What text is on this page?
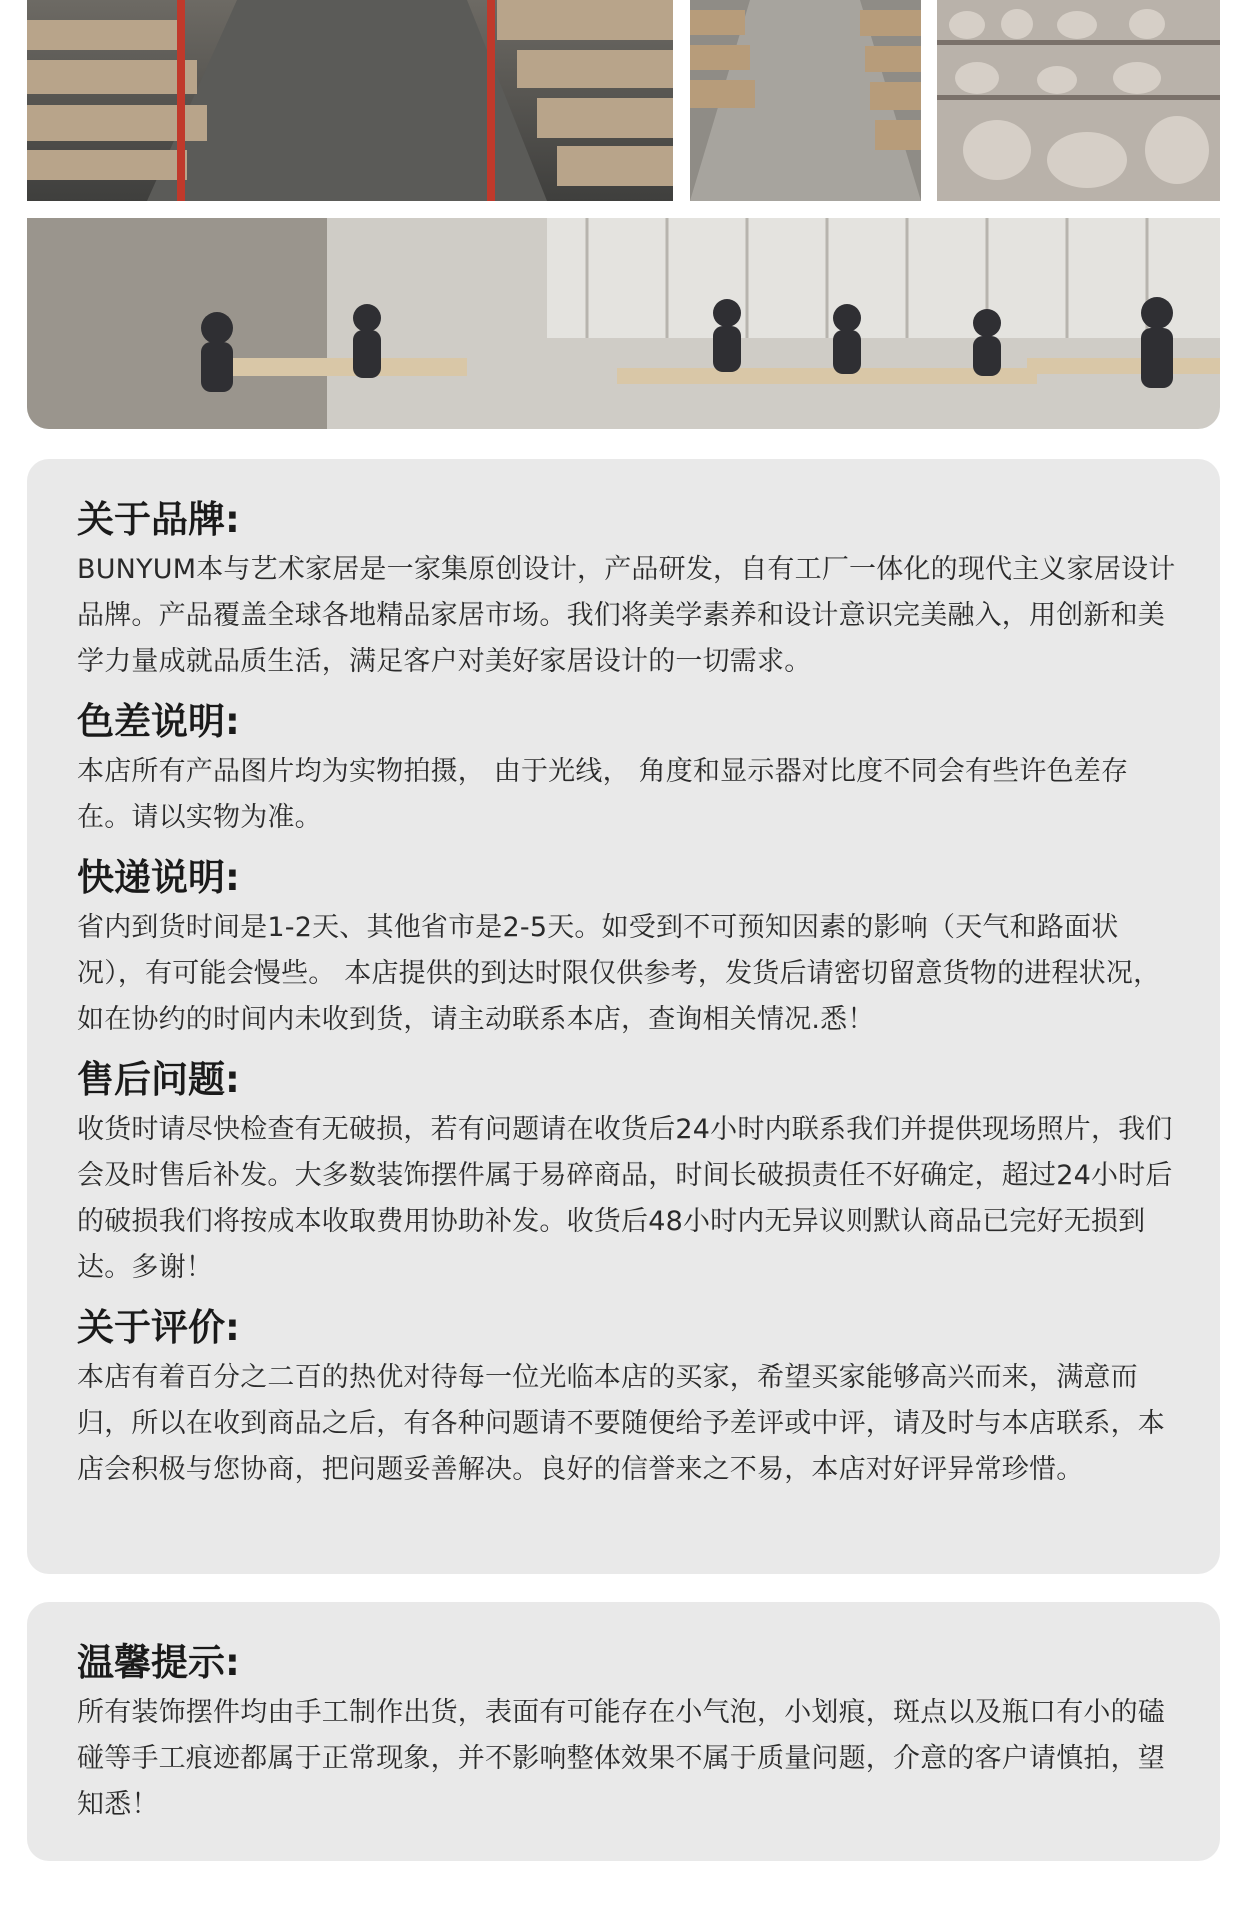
关于品牌:

BUNYUM本与艺术家居是一家集原创设计，产品研发，自有工厂一体化的现代主义家居设计品牌。产品覆盖全球各地精品家居市场。我们将美学素养和设计意识完美融入，用创新和美学力量成就品质生活，满足客户对美好家居设计的一切需求。

色差说明:

本店所有产品图片均为实物拍摄， 由于光线， 角度和显示器对比度不同会有些许色差存在。请以实物为准。

快递说明:

省内到货时间是1-2天、其他省市是2-5天。如受到不可预知因素的影响（天气和路面状况），有可能会慢些。 本店提供的到达时限仅供参考，发货后请密切留意货物的进程状况，如在协约的时间内未收到货，请主动联系本店，查询相关情况.悉！

售后问题:

收货时请尽快检查有无破损，若有问题请在收货后24小时内联系我们并提供现场照片，我们会及时售后补发。大多数装饰摆件属于易碎商品，时间长破损责任不好确定，超过24小时后的破损我们将按成本收取费用协助补发。收货后48小时内无异议则默认商品已完好无损到达。多谢！

关于评价:

本店有着百分之二百的热优对待每一位光临本店的买家，希望买家能够高兴而来，满意而归，所以在收到商品之后，有各种问题请不要随便给予差评或中评，请及时与本店联系，本店会积极与您协商，把问题妥善解决。良好的信誉来之不易，本店对好评异常珍惜。

温馨提示:

所有装饰摆件均由手工制作出货，表面有可能存在小气泡，小划痕，斑点以及瓶口有小的磕碰等手工痕迹都属于正常现象，并不影响整体效果不属于质量问题，介意的客户请慎拍，望知悉！
